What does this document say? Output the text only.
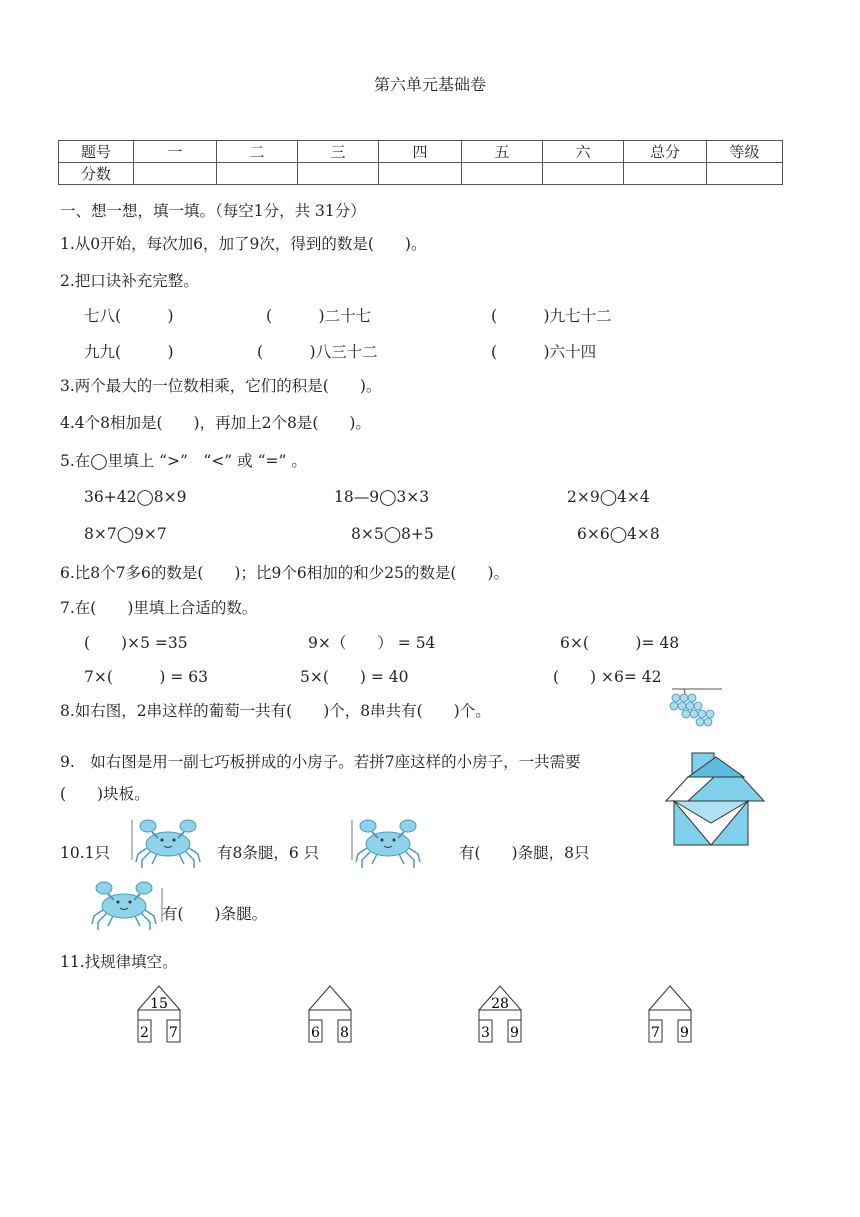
第六单元基础卷
题号	一	二	三	四	五	六	总分	等级
分数								
一、想一想，填一填。（每空1分，共 31分）
1.从0开始，每次加6，加了9次，得到的数是(　　)。
2.把口诀补充完整。
七八(　　　)	(　　　)二十七	(　　　)九七十二
九九(　　　)	(　　　)八三十二	(　　　)六十四
3.两个最大的一位数相乘，它们的积是(　　)。
4.4个8相加是(　　)，再加上2个8是(　　)。
5.在◯里填上 “>”　“<” 或 “=” 。
36+42◯8×9	18—9◯3×3	2×9◯4×4
8×7◯9×7	8×5◯8+5	6×6◯4×8
6.比8个7多6的数是(　　)；比9个6相加的和少25的数是(　　)。
7.在(　　)里填上合适的数。
(　　)×5 =35	9×（　　） = 54	6×(　　　)= 48
7×(　　　) = 63	5×(　　) = 40	(　　) ×6= 42
8.如右图，2串这样的葡萄一共有(　　)个，8串共有(　　)个。
9.　如右图是用一副七巧板拼成的小房子。若拼7座这样的小房子，一共需要
(　　)块板。
10.1只	有8条腿，6 只	有(　　)条腿，8只
有(　　)条腿。
11.找规律填空。
15
2 7	6 8
28
3 9	7 9
